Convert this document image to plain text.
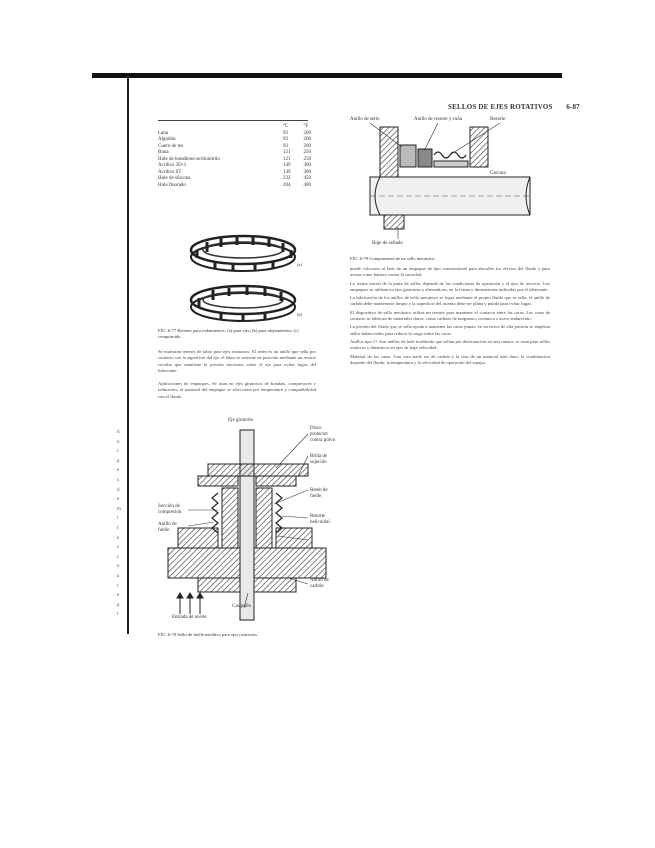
SELLOS DE EJES ROTATIVOS 6-87
ti
n
c
p
e
s
d
e
m
i
t
e
s
c
n
a
r
e
p
t
	°C	°F
Lana	93	200
Algodón	93	200
Cuero de res	93	200
Buna	121	250
Hule de butadieno-acrilonitrilo	121	250
Acrílico 3D-3	149	300
Acrílico ST	149	300
Hule de silicona	232	450
Hule fluorado	204	400
(a)
(b)
FIG. 6-77 Retenes para rodamientos: (a) para ejes; (b) para alojamientos; (c) comprimido.
Se muestran retenes de labio para ejes rotatorios. El retén es un anillo que sella por contacto con la superficie del eje; el labio se sostiene en posición mediante un resorte circular que mantiene la presión necesaria sobre el eje para evitar fugas del lubricante.
Aplicaciones de empaques. Se usan en ejes giratorios de bombas, compresores y reductores; el material del empaque se selecciona por temperatura y compatibilidad con el fluido.
Eje giratorio
Disco protector contra polvo
Brida de sujeción
Retén de fuelle
Resorte helicoidal
Anillo de carbón
Sección de compresión
Anillo de fuelle
Casquillo
Entrada de aceite
FIG. 6-78 Sello de fuelle metálico para ejes rotatorios.
Anillo de sello	Anillo de resorte y cuña	Resorte
Carcasa
Buje de sellado
FIG. 6-79 Componentes de un sello mecánico.
puede colocarse al lado de un empaque de tipo convencional para absorber los efectos del fluido y para actuar como barrera contra la suciedad.
La forma inicial de la parte de sellos depende de las condiciones de operación y el tipo de servicio. Los empaques se utilizan en ejes giratorios y alternativos, en la forma y dimensiones indicadas por el fabricante.
La lubricación de los anillos de sello mecánico se logra mediante el propio fluido que se sella; el anillo de carbón debe mantenerse limpio y la superficie del asiento debe ser plana y pulida para evitar fugas.
El dispositivo de sello mecánico utiliza un resorte para mantener el contacto entre las caras. Las caras de contacto se fabrican de materiales duros, como carburo de tungsteno, cerámica o acero endurecido.
La presión del fluido que se sella ayuda a mantener las caras juntas; en servicios de alta presión se emplean sellos balanceados para reducir la carga sobre las caras.
Anillos tipo O. Son anillos de hule moldeado que sellan por deformación en una ranura; se usan para sellos estáticos y dinámicos en ejes de baja velocidad.
Material de las caras. Una cara suele ser de carbón y la otra de un material más duro; la combinación depende del fluido, la temperatura y la velocidad de operación del equipo.
